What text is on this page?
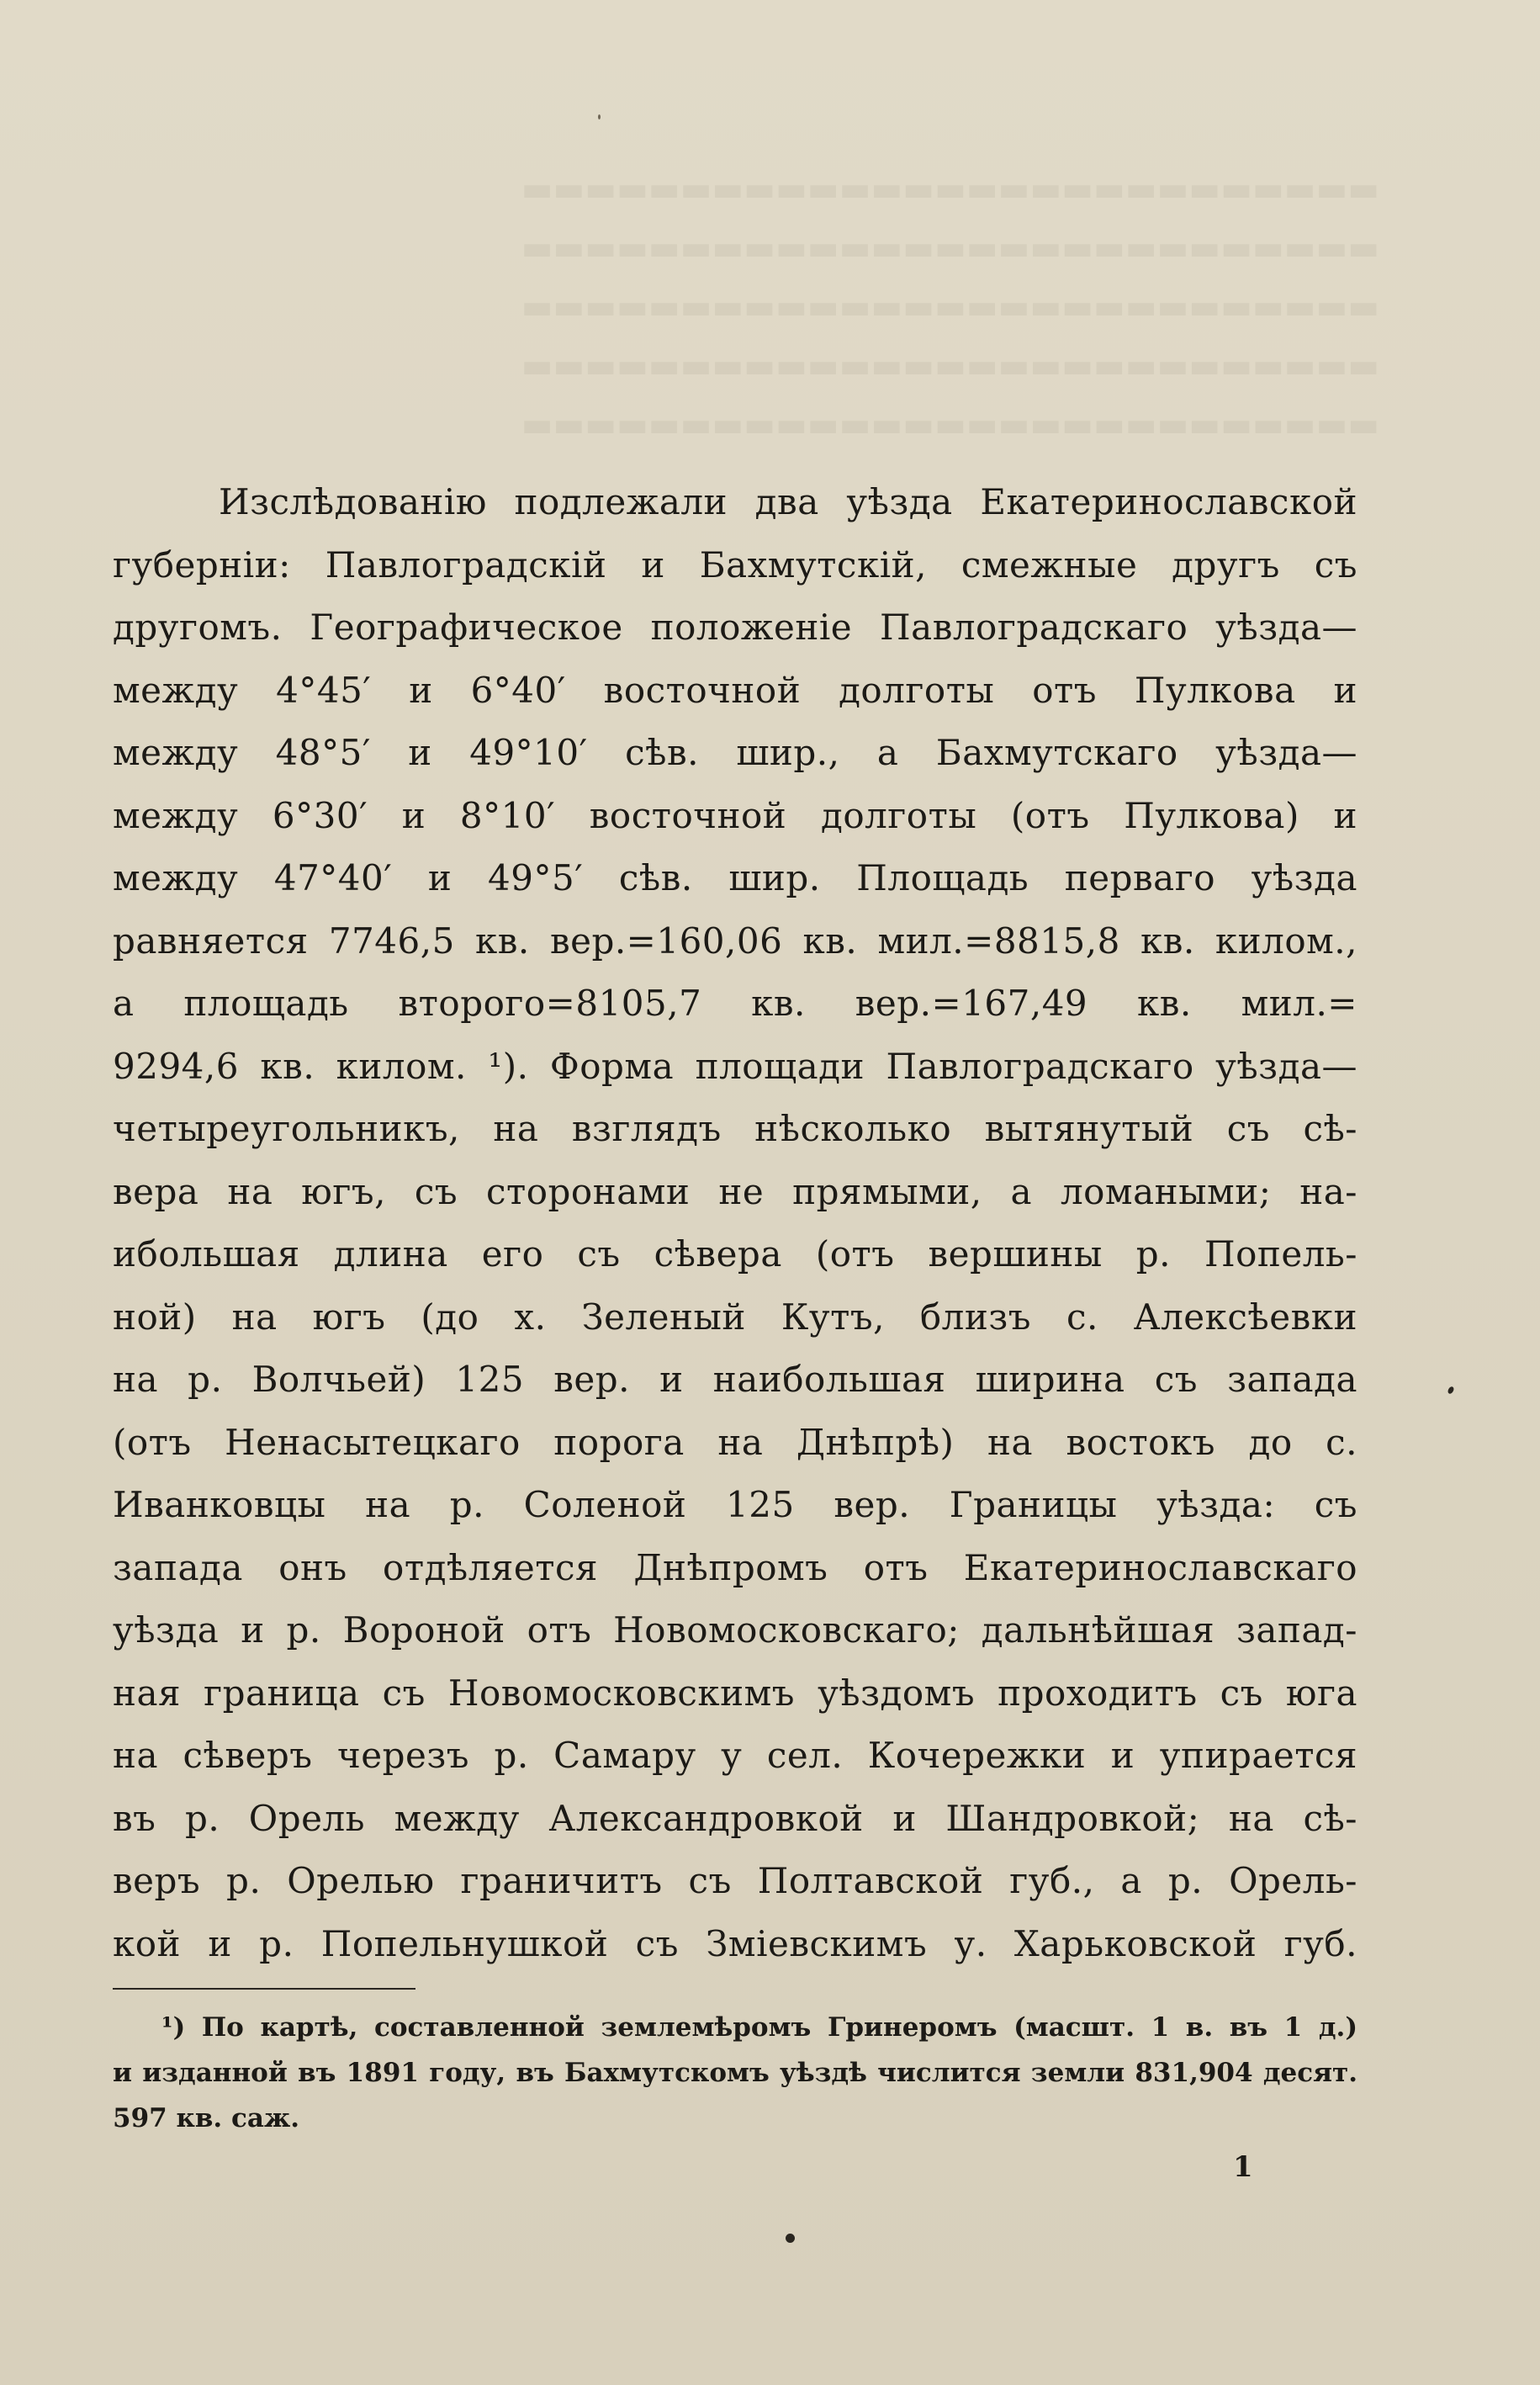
▬▬▬▬▬▬▬▬▬▬▬▬▬▬▬▬▬▬▬▬▬▬▬▬▬▬▬
▬▬▬▬▬▬▬▬▬▬▬▬▬▬▬▬▬▬▬▬▬▬▬▬▬▬▬
▬▬▬▬▬▬▬▬▬▬▬▬▬▬▬▬▬▬▬▬▬▬▬▬▬▬▬
▬▬▬▬▬▬▬▬▬▬▬▬▬▬▬▬▬▬▬▬▬▬▬▬▬▬▬
▬▬▬▬▬▬▬▬▬▬▬▬▬▬▬▬▬▬▬▬▬▬▬▬▬▬▬
Изслѣдованію подлежали два уѣзда Екатеринославской
губерніи: Павлоградскій и Бахмутскій, смежные другъ съ
другомъ. Географическое положеніе Павлоградскаго уѣзда—
между 4°45′ и 6°40′ восточной долготы отъ Пулкова и
между 48°5′ и 49°10′ сѣв. шир., а Бахмутскаго уѣзда—
между 6°30′ и 8°10′ восточной долготы (отъ Пулкова) и
между 47°40′ и 49°5′ сѣв. шир. Площадь перваго уѣзда
равняется 7746,5 кв. вер.=160,06 кв. мил.=8815,8 кв. килом.,
а площадь второго=8105,7 кв. вер.=167,49 кв. мил.=
9294,6 кв. килом. ¹). Форма площади Павлоградскаго уѣзда—
четыреугольникъ, на взглядъ нѣсколько вытянутый съ сѣ-
вера на югъ, съ сторонами не прямыми, а ломаными; на-
ибольшая длина его съ сѣвера (отъ вершины р. Попель-
ной) на югъ (до х. Зеленый Кутъ, близъ с. Алексѣевки
на р. Волчьей) 125 вер. и наибольшая ширина съ запада
(отъ Ненасытецкаго порога на Днѣпрѣ) на востокъ до с.
Иванковцы на р. Соленой 125 вер. Границы уѣзда: съ
запада онъ отдѣляется Днѣпромъ отъ Екатеринославскаго
уѣзда и р. Вороной отъ Новомосковскаго; дальнѣйшая запад-
ная граница съ Новомосковскимъ уѣздомъ проходитъ съ юга
на сѣверъ черезъ р. Самару у сел. Кочережки и упирается
въ р. Орель между Александровкой и Шандровкой; на сѣ-
веръ р. Орелью граничитъ съ Полтавской губ., а р. Орель-
кой и р. Попельнушкой съ Зміевскимъ у. Харьковской губ.
¹) По картѣ, составленной землемѣромъ Гринеромъ (масшт. 1 в. въ 1 д.)
и изданной въ 1891 году, въ Бахмутскомъ уѣздѣ числится земли 831,904 десят.
597 кв. саж.
1
